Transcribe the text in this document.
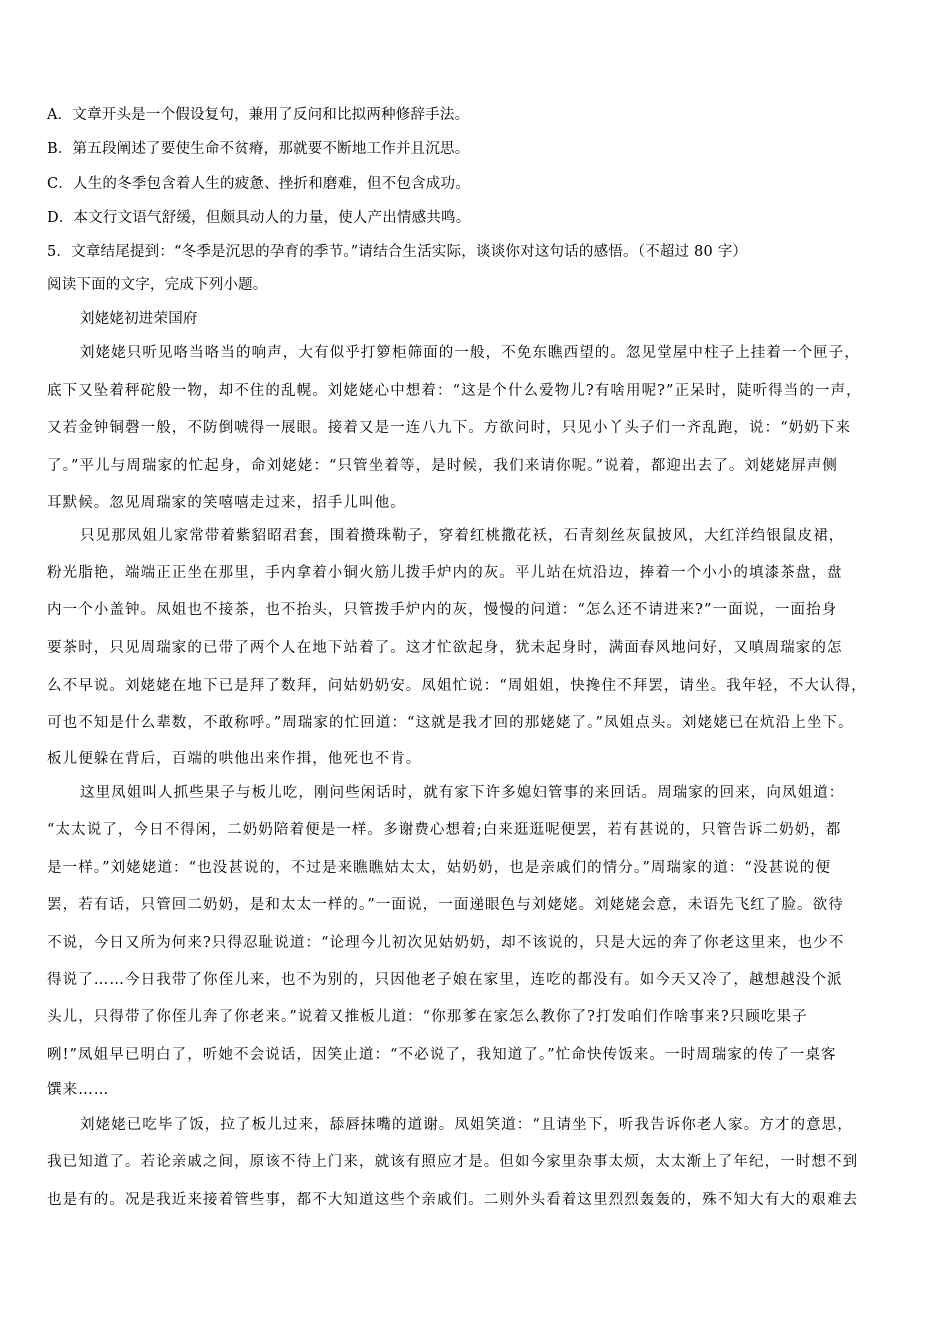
A．文章开头是一个假设复句，兼用了反问和比拟两种修辞手法。
B．第五段阐述了要使生命不贫瘠，那就要不断地工作并且沉思。
C．人生的冬季包含着人生的疲惫、挫折和磨难，但不包含成功。
D．本文行文语气舒缓，但颇具动人的力量，使人产出情感共鸣。
5．文章结尾提到：“冬季是沉思的孕育的季节。”请结合生活实际，谈谈你对这句话的感悟。（不超过 80 字）
阅读下面的文字，完成下列小题。
刘姥姥初进荣国府
刘姥姥只听见咯当咯当的响声，大有似乎打箩柜筛面的一般，不免东瞧西望的。忽见堂屋中柱子上挂着一个匣子，
底下又坠着秤砣般一物，却不住的乱幌。刘姥姥心中想着：“这是个什么爱物儿?有啥用呢?”正呆时，陡听得当的一声，
又若金钟铜磬一般，不防倒唬得一展眼。接着又是一连八九下。方欲问时，只见小丫头子们一齐乱跑，说：“奶奶下来
了。”平儿与周瑞家的忙起身，命刘姥姥：“只管坐着等，是时候，我们来请你呢。”说着，都迎出去了。刘姥姥屏声侧
耳默候。忽见周瑞家的笑嘻嘻走过来，招手儿叫他。
只见那凤姐儿家常带着紫貂昭君套，围着攒珠勒子，穿着红桃撒花袄，石青刻丝灰鼠披风，大红洋绉银鼠皮裙，
粉光脂艳，端端正正坐在那里，手内拿着小铜火筋儿拨手炉内的灰。平儿站在炕沿边，捧着一个小小的填漆茶盘，盘
内一个小盖钟。凤姐也不接茶，也不抬头，只管拨手炉内的灰，慢慢的问道：“怎么还不请进来?”一面说，一面抬身
要茶时，只见周瑞家的已带了两个人在地下站着了。这才忙欲起身，犹未起身时，满面春风地问好，又嗔周瑞家的怎
么不早说。刘姥姥在地下已是拜了数拜，问姑奶奶安。凤姐忙说：“周姐姐，快搀住不拜罢，请坐。我年轻，不大认得，
可也不知是什么辈数，不敢称呼。”周瑞家的忙回道：“这就是我才回的那姥姥了。”凤姐点头。刘姥姥已在炕沿上坐下。
板儿便躲在背后，百端的哄他出来作揖，他死也不肯。
这里凤姐叫人抓些果子与板儿吃，刚问些闲话时，就有家下许多媳妇管事的来回话。周瑞家的回来，向凤姐道：
“太太说了，今日不得闲，二奶奶陪着便是一样。多谢费心想着;白来逛逛呢便罢，若有甚说的，只管告诉二奶奶，都
是一样。”刘姥姥道：“也没甚说的，不过是来瞧瞧姑太太，姑奶奶，也是亲戚们的情分。”周瑞家的道：“没甚说的便
罢，若有话，只管回二奶奶，是和太太一样的。”一面说，一面递眼色与刘姥姥。刘姥姥会意，未语先飞红了脸。欲待
不说，今日又所为何来?只得忍耻说道：“论理今儿初次见姑奶奶，却不该说的，只是大远的奔了你老这里来，也少不
得说了……今日我带了你侄儿来，也不为别的，只因他老子娘在家里，连吃的都没有。如今天又冷了，越想越没个派
头儿，只得带了你侄儿奔了你老来。”说着又推板儿道：“你那爹在家怎么教你了?打发咱们作啥事来?只顾吃果子
咧!”凤姐早已明白了，听她不会说话，因笑止道：“不必说了，我知道了。”忙命快传饭来。一时周瑞家的传了一桌客
馔来……
刘姥姥已吃毕了饭，拉了板儿过来，舔唇抹嘴的道谢。凤姐笑道：“且请坐下，听我告诉你老人家。方才的意思，
我已知道了。若论亲戚之间，原该不待上门来，就该有照应才是。但如今家里杂事太烦，太太渐上了年纪，一时想不到
也是有的。况是我近来接着管些事，都不大知道这些个亲戚们。二则外头看着这里烈烈轰轰的，殊不知大有大的艰难去
